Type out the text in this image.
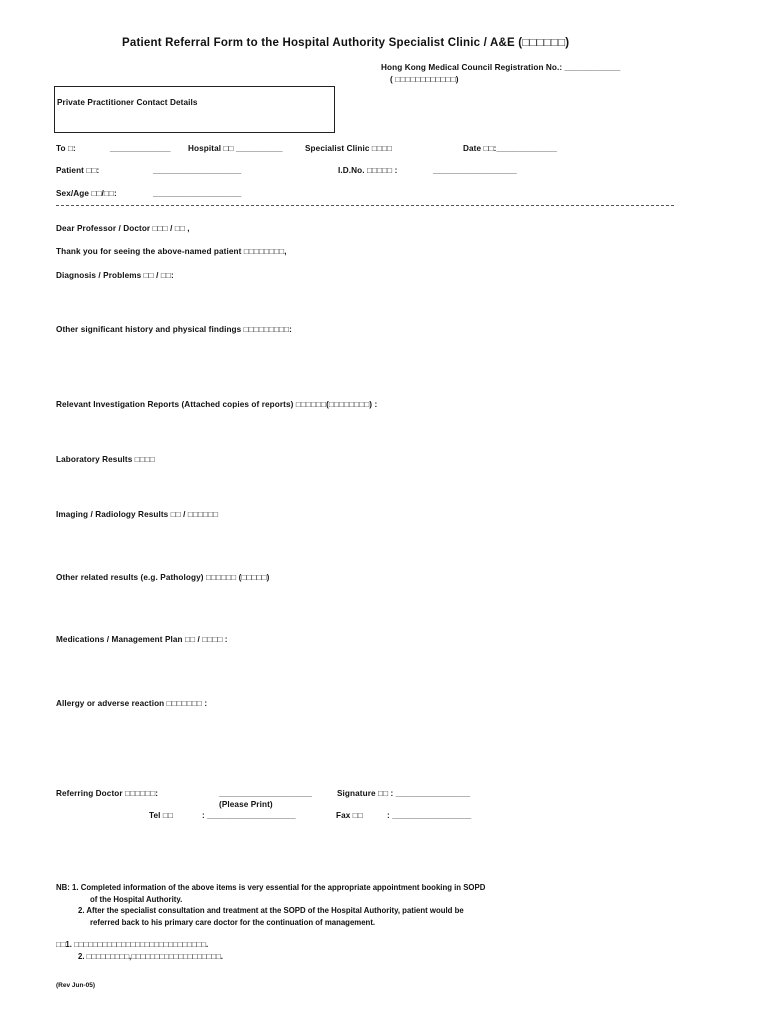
Patient Referral Form to the Hospital Authority Specialist Clinic / A&E (□□□□□□)
Hong Kong Medical Council Registration No.: ____________
( □□□□□□□□□□□□)
Private Practitioner Contact Details
To □:	_____________ Hospital □□ __________	Specialist Clinic □□□□	Date □□:_____________
Patient □□:	___________________	I.D.No. □□□□□ :	__________________
Sex/Age □□/□□:	___________________
Dear Professor / Doctor □□□ / □□ ,
Thank you for seeing the above-named patient □□□□□□□□,
Diagnosis / Problems □□ / □□:
Other significant history and physical findings □□□□□□□□□:
Relevant Investigation Reports (Attached copies of reports) □□□□□□(□□□□□□□□) :
Laboratory Results □□□□
Imaging / Radiology Results □□ / □□□□□□
Other related results (e.g. Pathology) □□□□□□ (□□□□□)
Medications / Management Plan □□ / □□□□ :
Allergy or adverse reaction □□□□□□□ :
Referring Doctor □□□□□□:	____________________	Signature □□ : ________________
(Please Print)
Tel □□	: ___________________	Fax □□	: _________________
NB: 1. Completed information of the above items is very essential for the appropriate appointment booking in SOPD
of the Hospital Authority.
2. After the specialist consultation and treatment at the SOPD of the Hospital Authority, patient would be
referred back to his primary care doctor for the continuation of management.
□□1. □□□□□□□□□□□□□□□□□□□□□□□□□□□□.
2. □□□□□□□□□,□□□□□□□□□□□□□□□□□□□.
(Rev Jun-05)
